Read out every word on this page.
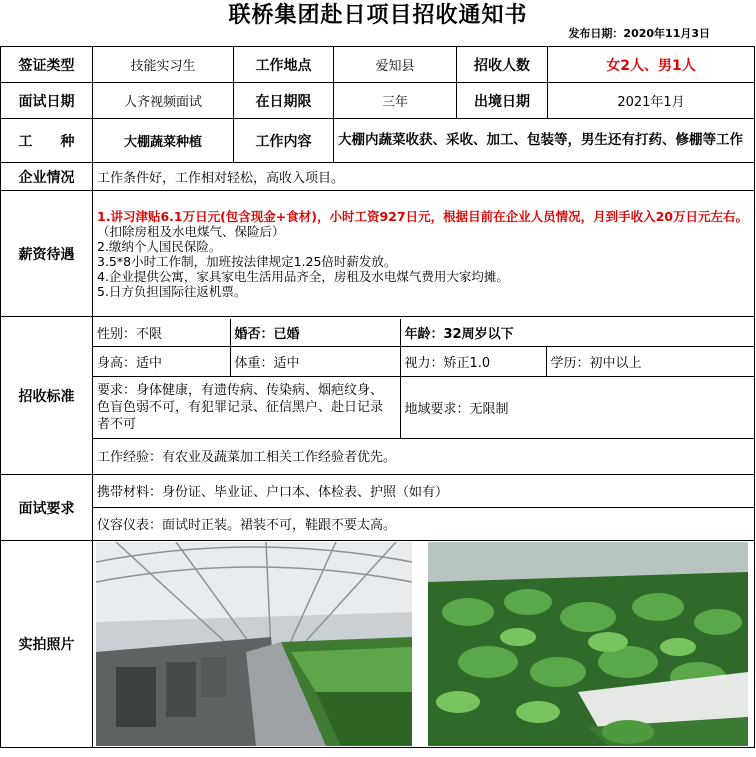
联桥集团赴日项目招收通知书
发布日期：2020年11月3日
签证类型	技能实习生	工作地点	爱知县	招收人数	女2人、男1人
面试日期	人齐视频面试	在日期限	三年	出境日期	2021年1月
工　　种	大棚蔬菜种植	工作内容	大棚内蔬菜收获、采收、加工、包装等，男生还有打药、修棚等工作
企业情况	工作条件好，工作相对轻松，高收入项目。
薪资待遇	
1.讲习津贴6.1万日元(包含现金+食材)，小时工资927日元，根据目前在企业人员情况，月到手收入20万日元左右。（扣除房租及水电煤气、保险后）
2.缴纳个人国民保险。
3.5*8小时工作制，加班按法律规定1.25倍时薪发放。
4.企业提供公寓，家具家电生活用品齐全，房租及水电煤气费用大家均摊。
5.日方负担国际往返机票。

招收标准	
性别：不限	婚否：已婚	年龄：32周岁以下
身高：适中	体重：适中	视力：矫正1.0	学历：初中以上
要求：身体健康，有遗传病、传染病、烟疤纹身、色盲色弱不可，有犯罪记录、征信黑户、赴日记录者不可	地域要求：无限制
工作经验：有农业及蔬菜加工相关工作经验者优先。

面试要求	
携带材料：身份证、毕业证、户口本、体检表、护照（如有）
仪容仪表：面试时正装。裙装不可，鞋跟不要太高。

实拍照片	
